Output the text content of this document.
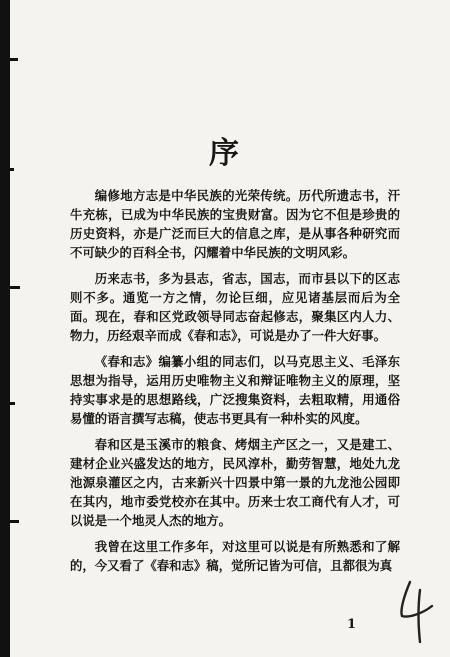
序

编修地方志是中华民族的光荣传统。历代所遗志书，汗牛充栋，已成为中华民族的宝贵财富。因为它不但是珍贵的历史资料，亦是广泛而巨大的信息之库，是从事各种研究而不可缺少的百科全书，闪耀着中华民族的文明风彩。

历来志书，多为县志，省志，国志，而市县以下的区志则不多。通览一方之情，勿论巨细，应见诸基层而后为全面。现在，春和区党政领导同志奋起修志，聚集区内人力、物力，历经艰辛而成《春和志》，可说是办了一件大好事。

《春和志》编纂小组的同志们，以马克思主义、毛泽东思想为指导，运用历史唯物主义和辩证唯物主义的原理，坚持实事求是的思想路线，广泛搜集资料，去粗取精，用通俗易懂的语言撰写志稿，使志书更具有一种朴实的风度。

春和区是玉溪市的粮食、烤烟主产区之一，又是建工、建材企业兴盛发达的地方，民风淳朴，勤劳智慧，地处九龙池源泉灌区之内，古来新兴十四景中第一景的九龙池公园即在其内，地市委党校亦在其中。历来士农工商代有人才，可以说是一个地灵人杰的地方。

我曾在这里工作多年，对这里可以说是有所熟悉和了解的，今又看了《春和志》稿，觉所记皆为可信，且都很为真

1
